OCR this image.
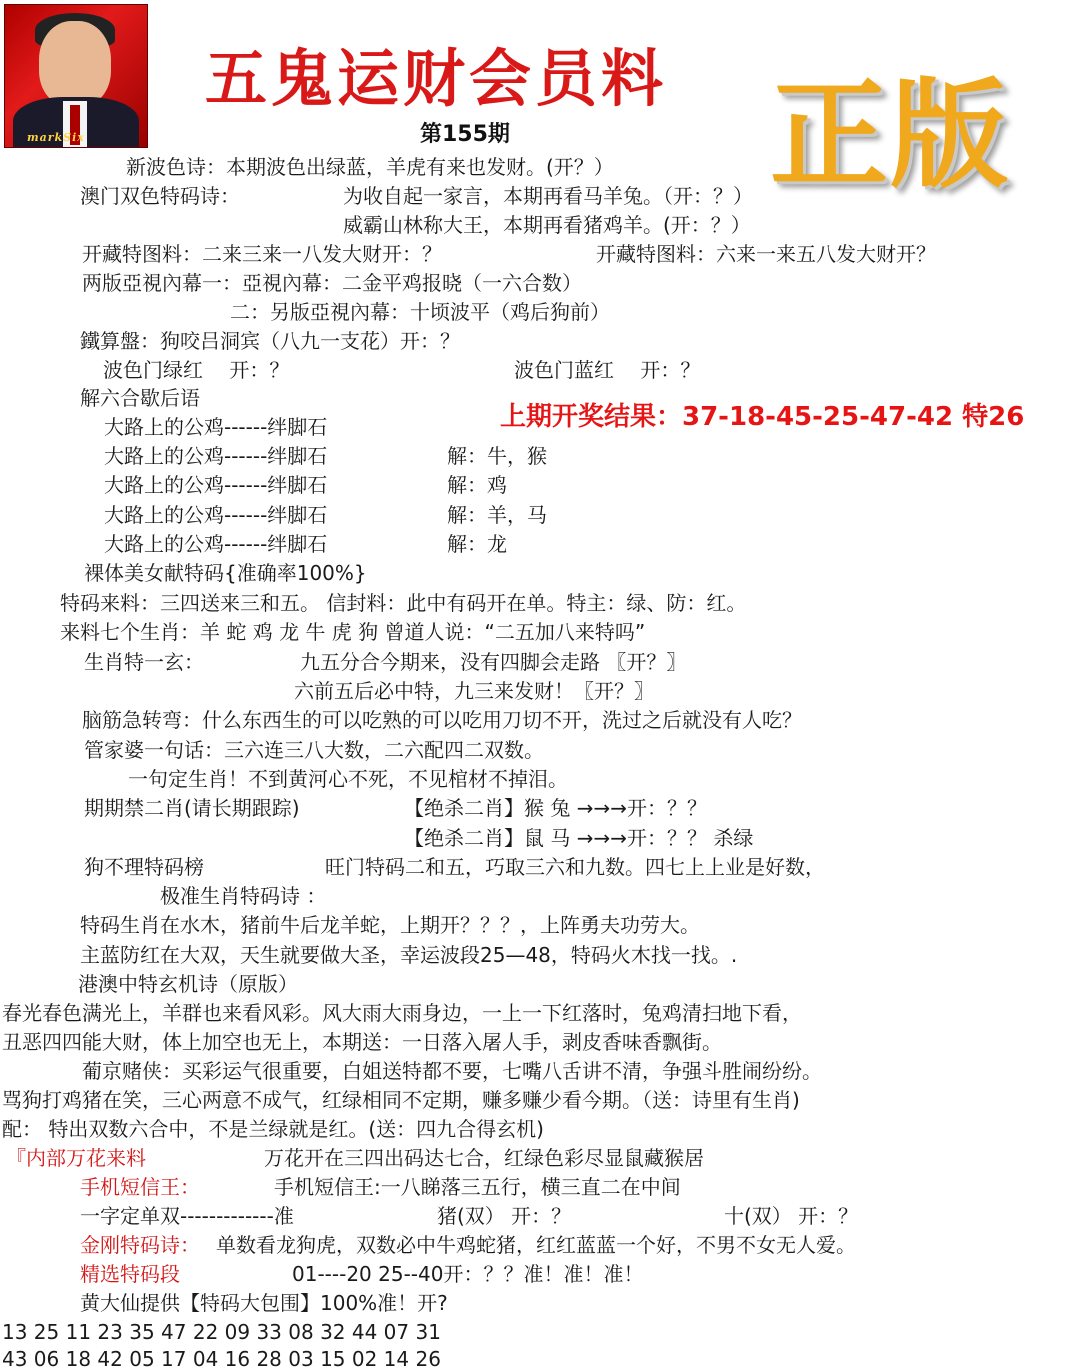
markSix

五鬼运财会员料
第155期 正版
上期开奖结果：37-18-45-25-47-42 特26
新波色诗：本期波色出绿蓝，羊虎有来也发财。(开？）
澳门双色特码诗：	为收自起一家言，本期再看马羊兔。（开：？）
威霸山林称大王，本期再看猪鸡羊。(开：？）
开藏特图料：二来三来一八发大财开：？	开藏特图料：六来一来五八发大财开？
两版亞視內幕一：亞視內幕：二金平鸡报晓（一六合数）
二：另版亞視內幕：十顷波平（鸡后狗前）
鐵算盤：狗咬吕洞宾（八九一支花）开：？
波色门绿红　 开：？	波色门蓝红　 开：？
解六合歇后语
大路上的公鸡------绊脚石
大路上的公鸡------绊脚石	解：牛，猴
大路上的公鸡------绊脚石	解：鸡
大路上的公鸡------绊脚石	解：羊，马
大路上的公鸡------绊脚石	解：龙
裸体美女献特码{准确率100%}
特码来料：三四送来三和五。 信封料：此中有码开在单。特主：绿、防：红。
来料七个生肖：羊 蛇 鸡 龙 牛 虎 狗 曾道人说：“二五加八来特吗”
生肖特一玄：	九五分合今期来，没有四脚会走路 〖开？〗
六前五后必中特，九三来发财！〖开？〗
脑筋急转弯：什么东西生的可以吃熟的可以吃用刀切不开，洗过之后就没有人吃？
管家婆一句话：三六连三八大数，二六配四二双数。
一句定生肖！不到黄河心不死，不见棺材不掉泪。
期期禁二肖(请长期跟踪)	【绝杀二肖】猴 兔 →→→开：？？
【绝杀二肖】鼠 马 →→→开：？？ 杀绿
狗不理特码榜	旺门特码二和五，巧取三六和九数。四七上上业是好数，
极准生肖特码诗 ：
特码生肖在水木，猪前牛后龙羊蛇，上期开？？？，上阵勇夫功劳大。
主蓝防红在大双，天生就要做大圣，幸运波段25—48，特码火木找一找。.
港澳中特玄机诗（原版）
春光春色满光上，羊群也来看风彩。风大雨大雨身边，一上一下红落时，兔鸡清扫地下看，
丑恶四四能大财，体上加空也无上，本期送：一日落入屠人手，剥皮香味香飘街。
葡京赌侠：买彩运气很重要，白姐送特都不要，七嘴八舌讲不清，争强斗胜闹纷纷。
骂狗打鸡猪在笑，三心两意不成气，红绿相同不定期，赚多赚少看今期。（送：诗里有生肖)
配： 特出双数六合中，不是兰绿就是红。(送：四九合得玄机)
『内部万花来料	万花开在三四出码达七合，红绿色彩尽显鼠藏猴居
手机短信王：	手机短信王:一八睇落三五行，横三直二在中间
一字定单双-------------准	猪(双） 开：？	十(双） 开：？
金刚特码诗： 单数看龙狗虎，双数必中牛鸡蛇猪，红红蓝蓝一个好，不男不女无人爱。
精选特码段	01----20 25--40开：？？准！准！准！
黄大仙提供【特码大包围】100%准！开?
13 25 11 23 35 47 22 09 33 08 32 44 07 31
43 06 18 42 05 17 04 16 28 03 15 02 14 26
